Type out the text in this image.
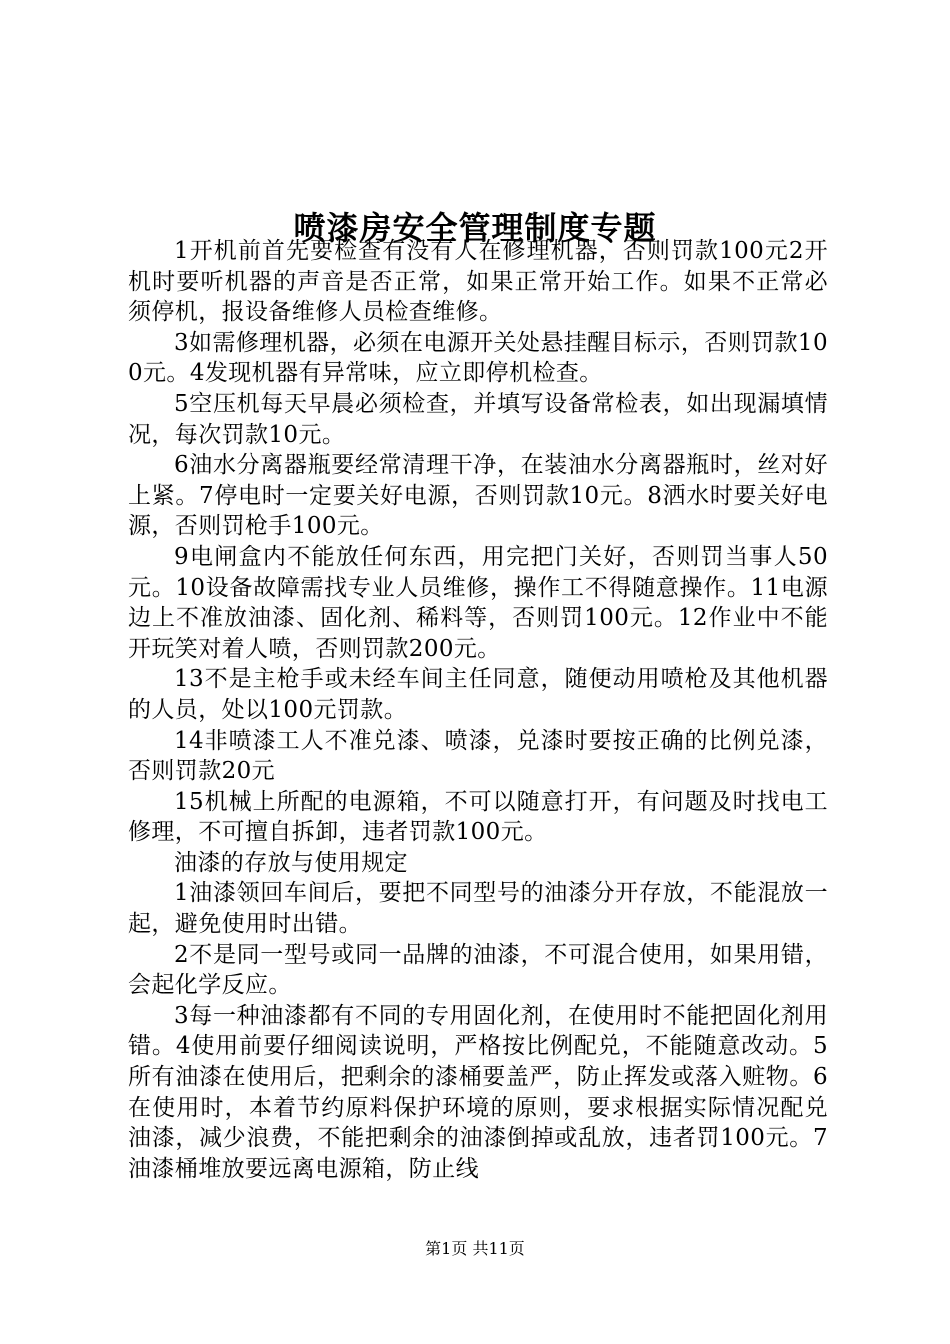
喷漆房安全管理制度专题

1开机前首先要检查有没有人在修理机器，否则罚款100元2开机时要听机器的声音是否正常，如果正常开始工作。如果不正常必须停机，报设备维修人员检查维修。

3如需修理机器，必须在电源开关处悬挂醒目标示，否则罚款100元。4发现机器有异常味，应立即停机检查。

5空压机每天早晨必须检查，并填写设备常检表，如出现漏填情况，每次罚款10元。

6油水分离器瓶要经常清理干净，在装油水分离器瓶时，丝对好上紧。7停电时一定要关好电源，否则罚款10元。8洒水时要关好电源，否则罚枪手100元。

9电闸盒内不能放任何东西，用完把门关好，否则罚当事人50元。10设备故障需找专业人员维修，操作工不得随意操作。11电源边上不准放油漆、固化剂、稀料等，否则罚100元。12作业中不能开玩笑对着人喷，否则罚款200元。

13不是主枪手或未经车间主任同意，随便动用喷枪及其他机器的人员，处以100元罚款。

14非喷漆工人不准兑漆、喷漆，兑漆时要按正确的比例兑漆，否则罚款20元

15机械上所配的电源箱，不可以随意打开，有问题及时找电工修理，不可擅自拆卸，违者罚款100元。

油漆的存放与使用规定

1油漆领回车间后，要把不同型号的油漆分开存放，不能混放一起，避免使用时出错。

2不是同一型号或同一品牌的油漆，不可混合使用，如果用错，会起化学反应。

3每一种油漆都有不同的专用固化剂，在使用时不能把固化剂用错。4使用前要仔细阅读说明，严格按比例配兑，不能随意改动。5所有油漆在使用后，把剩余的漆桶要盖严，防止挥发或落入赃物。6在使用时，本着节约原料保护环境的原则，要求根据实际情况配兑油漆，减少浪费，不能把剩余的油漆倒掉或乱放，违者罚100元。7油漆桶堆放要远离电源箱，防止线

第1页 共11页
